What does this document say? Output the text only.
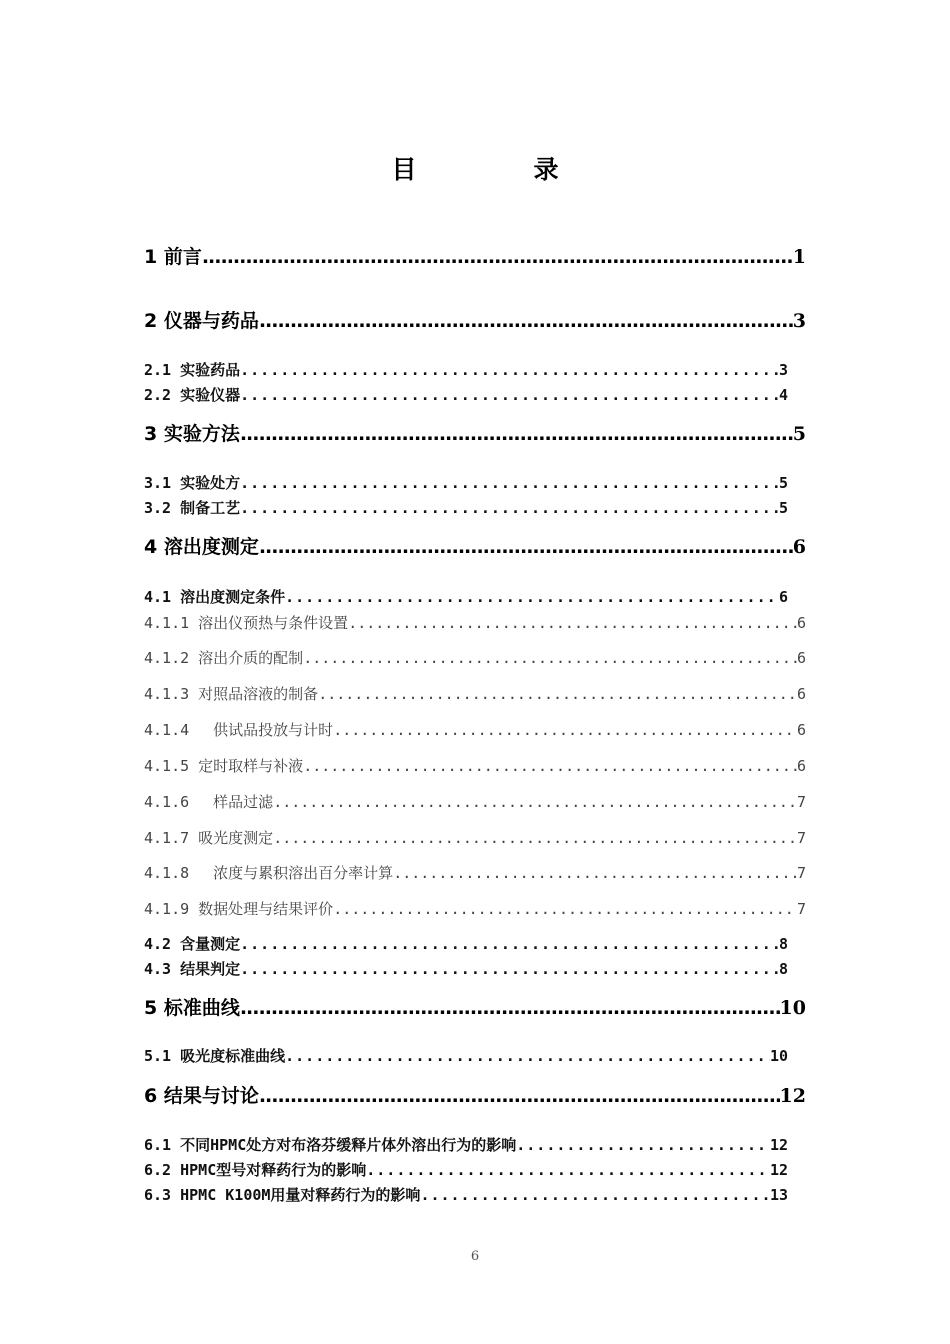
目　录
1 前言 .....	1
2 仪器与药品 .....	3
2.1 实验药品 .....	3
2.2 实验仪器 .....	4
3 实验方法 .....	5
3.1 实验处方 .....	5
3.2 制备工艺 .....	5
4 溶出度测定 .....	6
4.1 溶出度测定条件 .....	6
4.1.1 溶出仪预热与条件设置 .....	6
4.1.2 溶出介质的配制 .....	6
4.1.3 对照品溶液的制备 .....	6
4.1.4　 供试品投放与计时 .....	6
4.1.5 定时取样与补液 .....	6
4.1.6　 样品过滤 .....	7
4.1.7 吸光度测定 .....	7
4.1.8　 浓度与累积溶出百分率计算 .....	7
4.1.9 数据处理与结果评价 .....	7
4.2 含量测定 .....	8
4.3 结果判定 .....	8
5 标准曲线 .....	10
5.1 吸光度标准曲线 .....	10
6 结果与讨论 .....	12
6.1 不同HPMC处方对布洛芬缓释片体外溶出行为的影响 .....	12
6.2 HPMC型号对释药行为的影响 .....	12
6.3 HPMC K100M用量对释药行为的影响 .....	13
6
